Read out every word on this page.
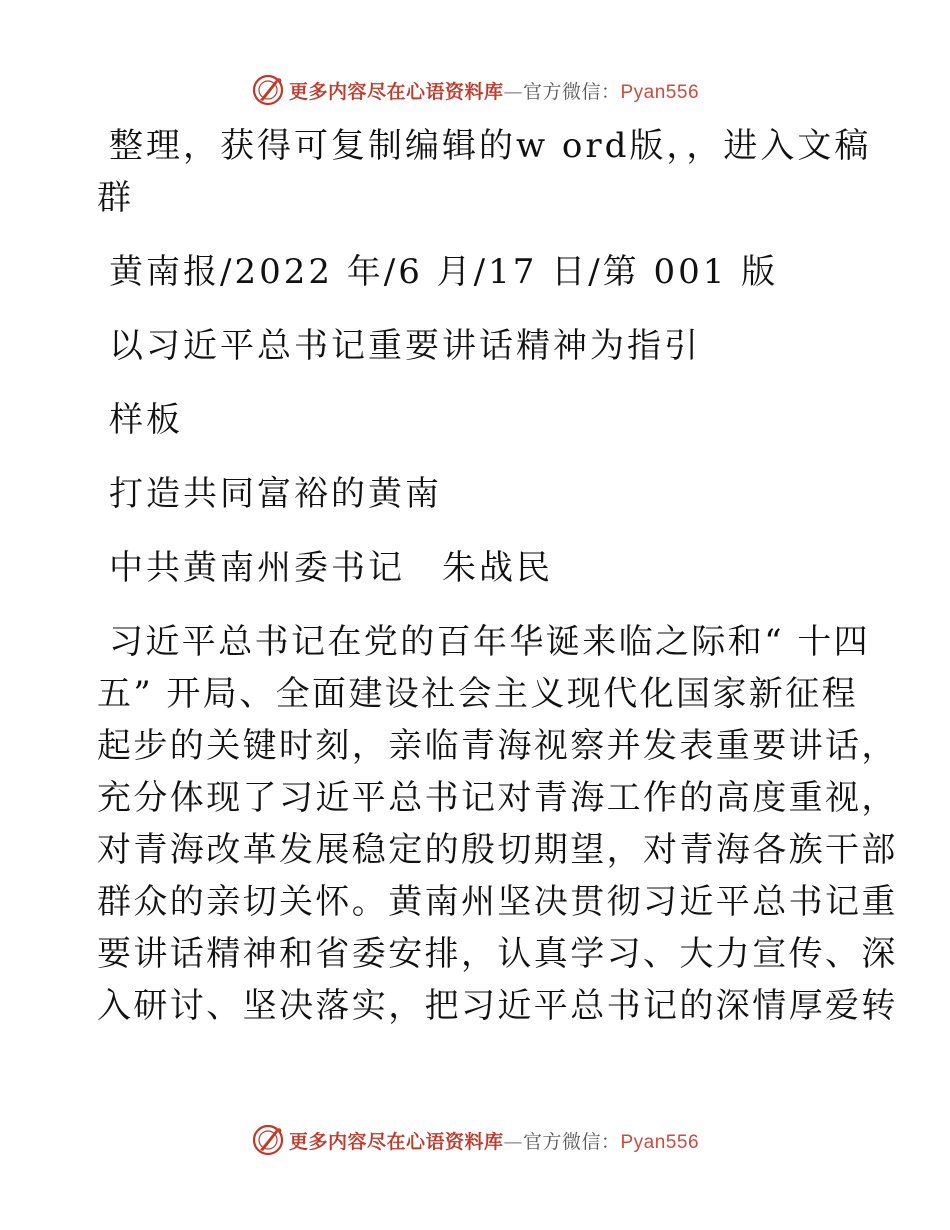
更多内容尽在心语资料库—官方微信：Pyan556
整理，获得可复制编辑的w ord版，，进入文稿
群
黄南报/2022 年/6 月/17 日/第 001 版
以习近平总书记重要讲话精神为指引
样板
打造共同富裕的黄南
中共黄南州委书记　朱战民
习近平总书记在党的百年华诞来临之际和“ 十四
五” 开局、全面建设社会主义现代化国家新征程
起步的关键时刻，亲临青海视察并发表重要讲话，
充分体现了习近平总书记对青海工作的高度重视，
对青海改革发展稳定的殷切期望，对青海各族干部
群众的亲切关怀。黄南州坚决贯彻习近平总书记重
要讲话精神和省委安排，认真学习、大力宣传、深
入研讨、坚决落实，把习近平总书记的深情厚爱转
更多内容尽在心语资料库—官方微信：Pyan556
